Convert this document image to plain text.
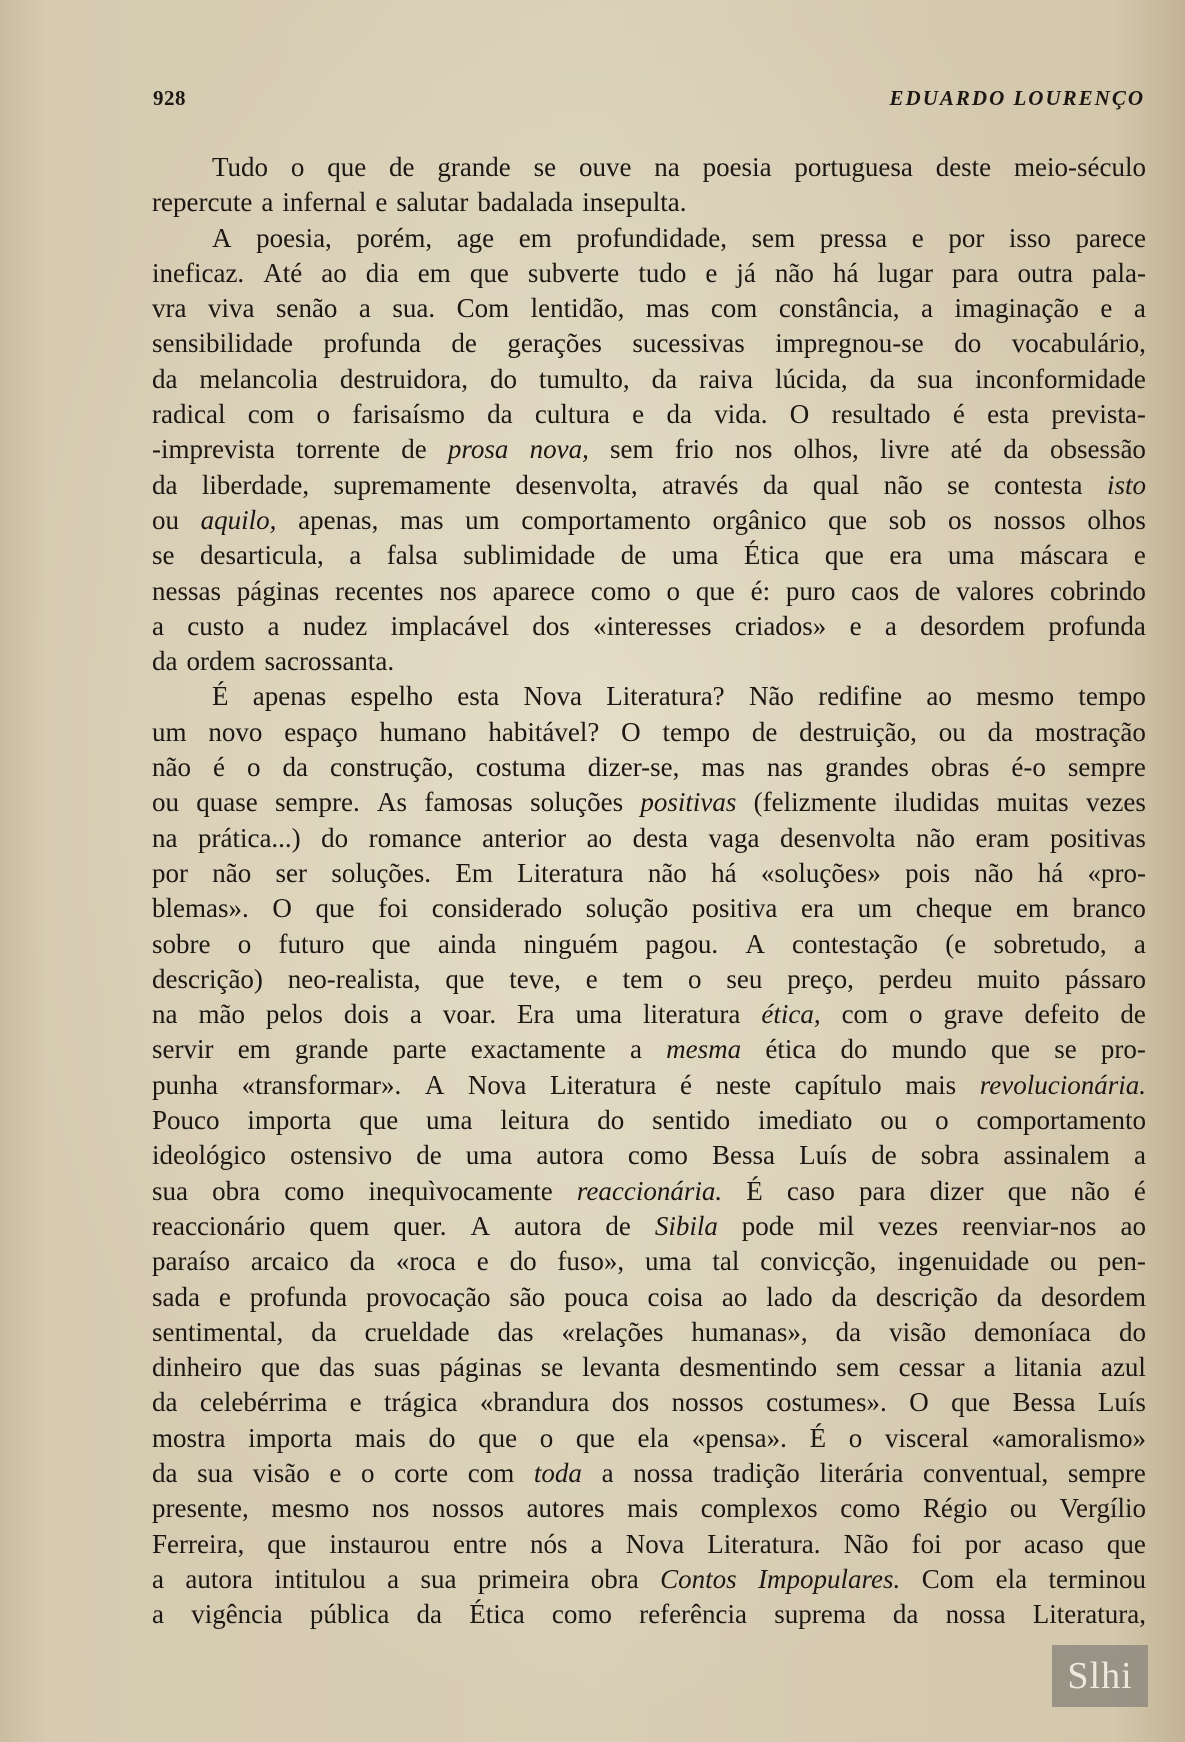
928	EDUARDO LOURENÇO
Tudo o que de grande se ouve na poesia portuguesa deste meio-século
repercute a infernal e salutar badalada insepulta.
A poesia, porém, age em profundidade, sem pressa e por isso parece
ineficaz. Até ao dia em que subverte tudo e já não há lugar para outra pala-
vra viva senão a sua. Com lentidão, mas com constância, a imaginação e a
sensibilidade profunda de gerações sucessivas impregnou-se do vocabulário,
da melancolia destruidora, do tumulto, da raiva lúcida, da sua inconformidade
radical com o farisaísmo da cultura e da vida. O resultado é esta prevista-
-imprevista torrente de prosa nova, sem frio nos olhos, livre até da obsessão
da liberdade, supremamente desenvolta, através da qual não se contesta isto
ou aquilo, apenas, mas um comportamento orgânico que sob os nossos olhos
se desarticula, a falsa sublimidade de uma Ética que era uma máscara e
nessas páginas recentes nos aparece como o que é: puro caos de valores cobrindo
a custo a nudez implacável dos «interesses criados» e a desordem profunda
da ordem sacrossanta.
É apenas espelho esta Nova Literatura? Não redifine ao mesmo tempo
um novo espaço humano habitável? O tempo de destruição, ou da mostração
não é o da construção, costuma dizer-se, mas nas grandes obras é-o sempre
ou quase sempre. As famosas soluções positivas (felizmente iludidas muitas vezes
na prática...) do romance anterior ao desta vaga desenvolta não eram positivas
por não ser soluções. Em Literatura não há «soluções» pois não há «pro-
blemas». O que foi considerado solução positiva era um cheque em branco
sobre o futuro que ainda ninguém pagou. A contestação (e sobretudo, a
descrição) neo-realista, que teve, e tem o seu preço, perdeu muito pássaro
na mão pelos dois a voar. Era uma literatura ética, com o grave defeito de
servir em grande parte exactamente a mesma ética do mundo que se pro-
punha «transformar». A Nova Literatura é neste capítulo mais revolucionária.
Pouco importa que uma leitura do sentido imediato ou o comportamento
ideológico ostensivo de uma autora como Bessa Luís de sobra assinalem a
sua obra como inequìvocamente reaccionária. É caso para dizer que não é
reaccionário quem quer. A autora de Sibila pode mil vezes reenviar-nos ao
paraíso arcaico da «roca e do fuso», uma tal convicção, ingenuidade ou pen-
sada e profunda provocação são pouca coisa ao lado da descrição da desordem
sentimental, da crueldade das «relações humanas», da visão demoníaca do
dinheiro que das suas páginas se levanta desmentindo sem cessar a litania azul
da celebérrima e trágica «brandura dos nossos costumes». O que Bessa Luís
mostra importa mais do que o que ela «pensa». É o visceral «amoralismo»
da sua visão e o corte com toda a nossa tradição literária conventual, sempre
presente, mesmo nos nossos autores mais complexos como Régio ou Vergílio
Ferreira, que instaurou entre nós a Nova Literatura. Não foi por acaso que
a autora intitulou a sua primeira obra Contos Impopulares. Com ela terminou
a vigência pública da Ética como referência suprema da nossa Literatura,
Slhi
